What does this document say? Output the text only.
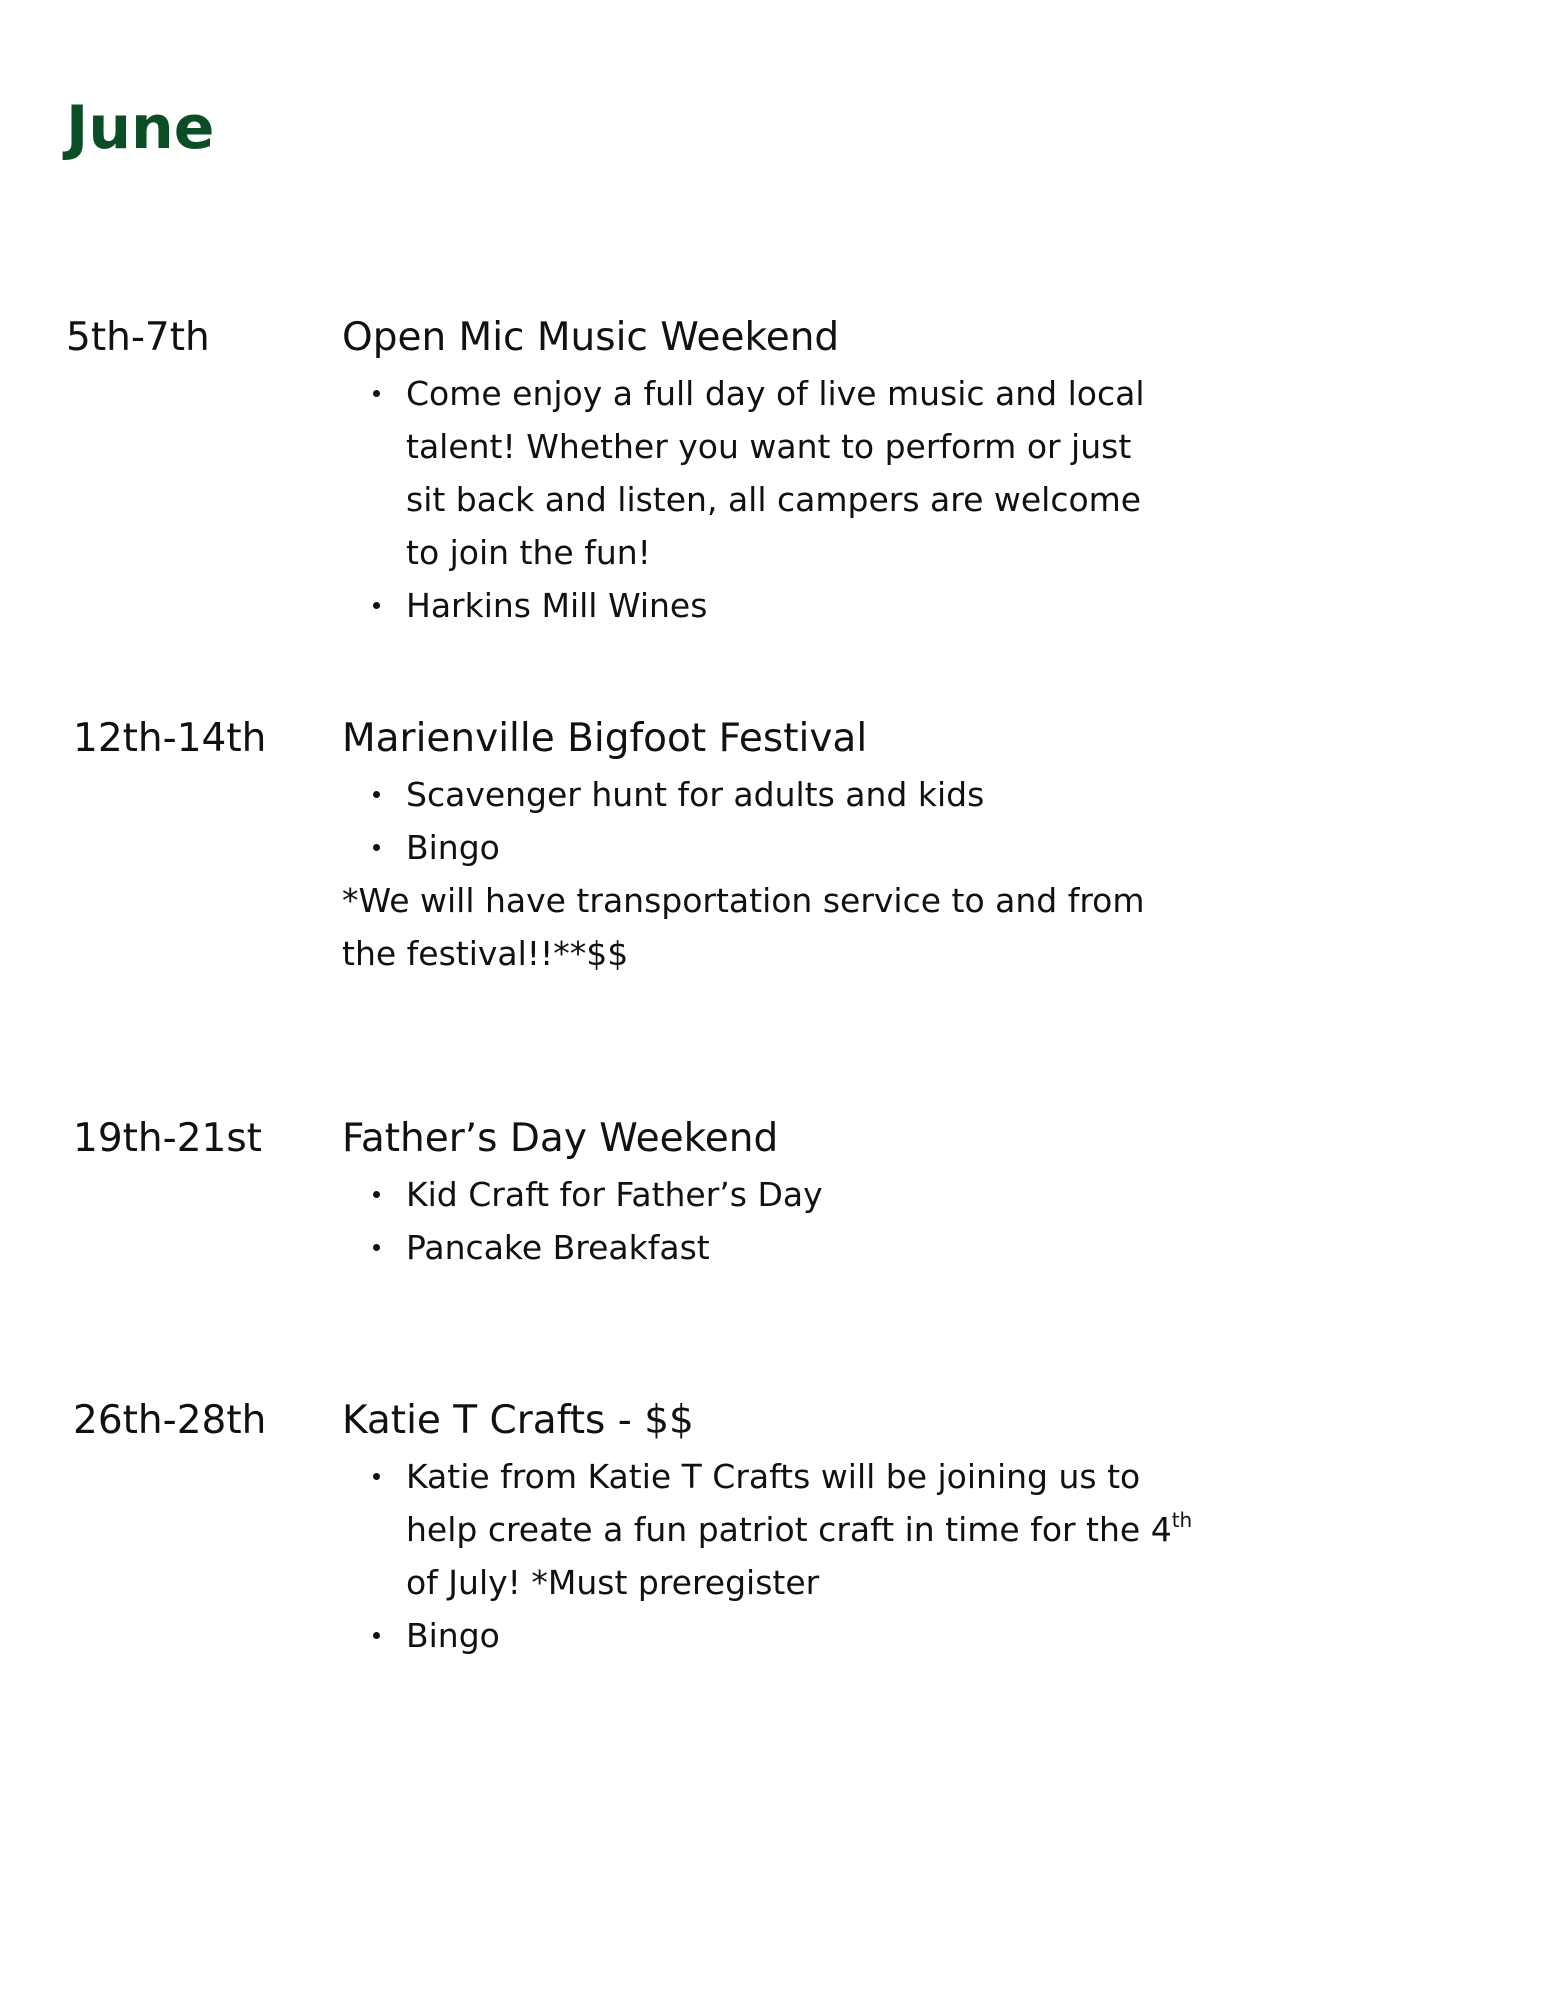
June
5th-7th	Open Mic Music Weekend
Come enjoy a full day of live music and local talent! Whether you want to perform or just sit back and listen, all campers are welcome to join the fun!
Harkins Mill Wines
12th-14th Marienville Bigfoot Festival
Scavenger hunt for adults and kids
Bingo

*We will have transportation service to and from the festival!!**$$

19th-21st Father’s Day Weekend
Kid Craft for Father’s Day
Pancake Breakfast
26th-28th Katie T Crafts - $$
Katie from Katie T Crafts will be joining us to help create a fun patriot craft in time for the 4th of July! *Must preregister
Bingo
